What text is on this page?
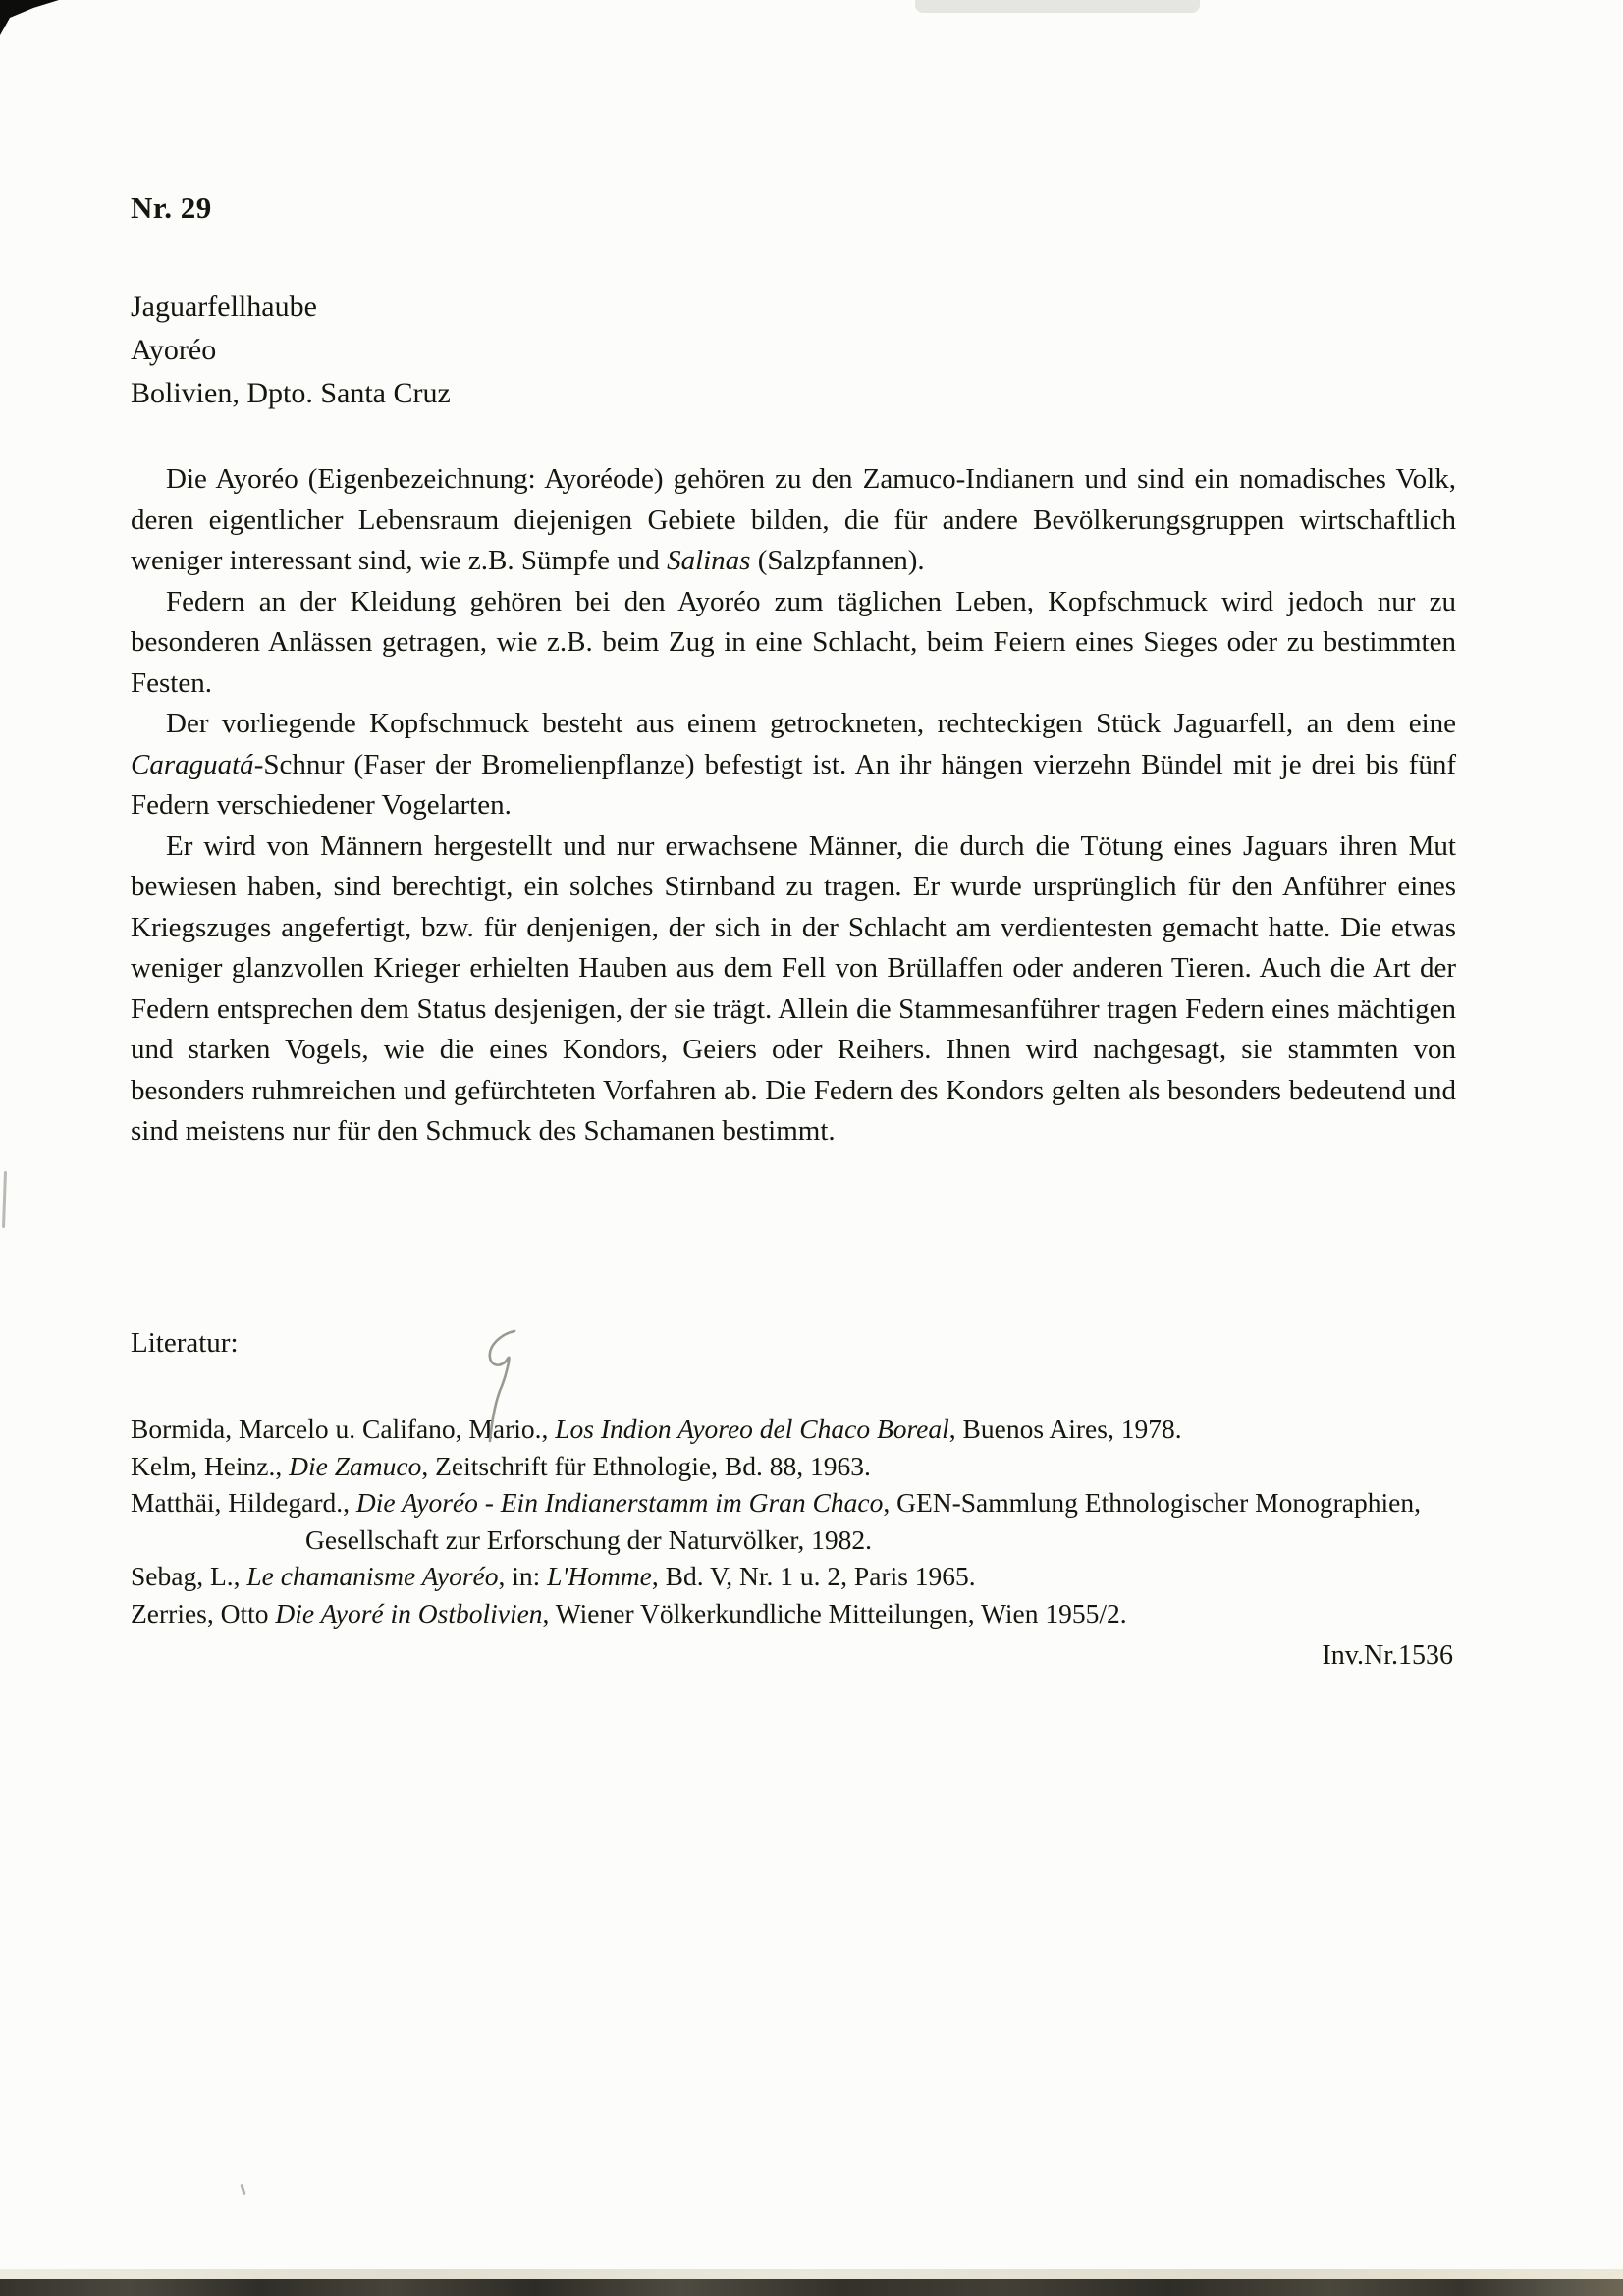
Nr. 29
Jaguarfellhaube
Ayoréo
Bolivien, Dpto. Santa Cruz

Die Ayoréo (Eigenbezeichnung: Ayoréode) gehören zu den Zamuco-Indianern und sind ein nomadisches Volk, deren eigentlicher Lebensraum diejenigen Gebiete bilden, die für andere Bevölkerungsgruppen wirtschaftlich weniger interessant sind, wie z.B. Sümpfe und Salinas (Salzpfannen).

Federn an der Kleidung gehören bei den Ayoréo zum täglichen Leben, Kopfschmuck wird jedoch nur zu besonderen Anlässen getragen, wie z.B. beim Zug in eine Schlacht, beim Feiern eines Sieges oder zu bestimmten Festen.

Der vorliegende Kopfschmuck besteht aus einem getrockneten, rechteckigen Stück Jaguarfell, an dem eine Caraguatá-Schnur (Faser der Bromelienpflanze) befestigt ist. An ihr hängen vierzehn Bündel mit je drei bis fünf Federn verschiedener Vogelarten.

Er wird von Männern hergestellt und nur erwachsene Männer, die durch die Tötung eines Jaguars ihren Mut bewiesen haben, sind berechtigt, ein solches Stirnband zu tragen. Er wurde ursprünglich für den Anführer eines Kriegszuges angefertigt, bzw. für denjenigen, der sich in der Schlacht am verdientesten gemacht hatte. Die etwas weniger glanzvollen Krieger erhielten Hauben aus dem Fell von Brüllaffen oder anderen Tieren. Auch die Art der Federn entsprechen dem Status desjenigen, der sie trägt. Allein die Stammesanführer tragen Federn eines mächtigen und starken Vogels, wie die eines Kondors, Geiers oder Reihers. Ihnen wird nachgesagt, sie stammten von besonders ruhmreichen und gefürchteten Vorfahren ab. Die Federn des Kondors gelten als besonders bedeutend und sind meistens nur für den Schmuck des Schamanen bestimmt.

Literatur:

Bormida, Marcelo u. Califano, Mario., Los Indion Ayoreo del Chaco Boreal, Buenos Aires, 1978.

Kelm, Heinz., Die Zamuco, Zeitschrift für Ethnologie, Bd. 88, 1963.

Matthäi, Hildegard., Die Ayoréo - Ein Indianerstamm im Gran Chaco, GEN-Sammlung Ethnologischer Monographien, Gesellschaft zur Erforschung der Naturvölker, 1982.

Sebag, L., Le chamanisme Ayoréo, in: L'Homme, Bd. V, Nr. 1 u. 2, Paris 1965.

Zerries, Otto Die Ayoré in Ostbolivien, Wiener Völkerkundliche Mitteilungen, Wien 1955/2.

Inv.Nr.1536
